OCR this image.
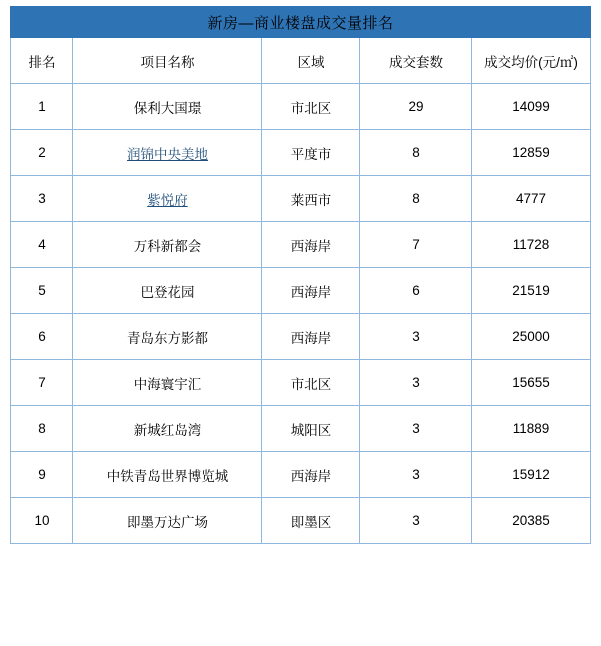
新房—商业楼盘成交量排名				
排名	项目名称	区域	成交套数	成交均价(元/㎡)
1	保利大国璟	市北区	29	14099
2	润锦中央美地	平度市	8	12859
3	紫悦府	莱西市	8	4777
4	万科新都会	西海岸	7	11728
5	巴登花园	西海岸	6	21519
6	青岛东方影都	西海岸	3	25000
7	中海寰宇汇	市北区	3	15655
8	新城红岛湾	城阳区	3	11889
9	中铁青岛世界博览城	西海岸	3	15912
10	即墨万达广场	即墨区	3	20385
